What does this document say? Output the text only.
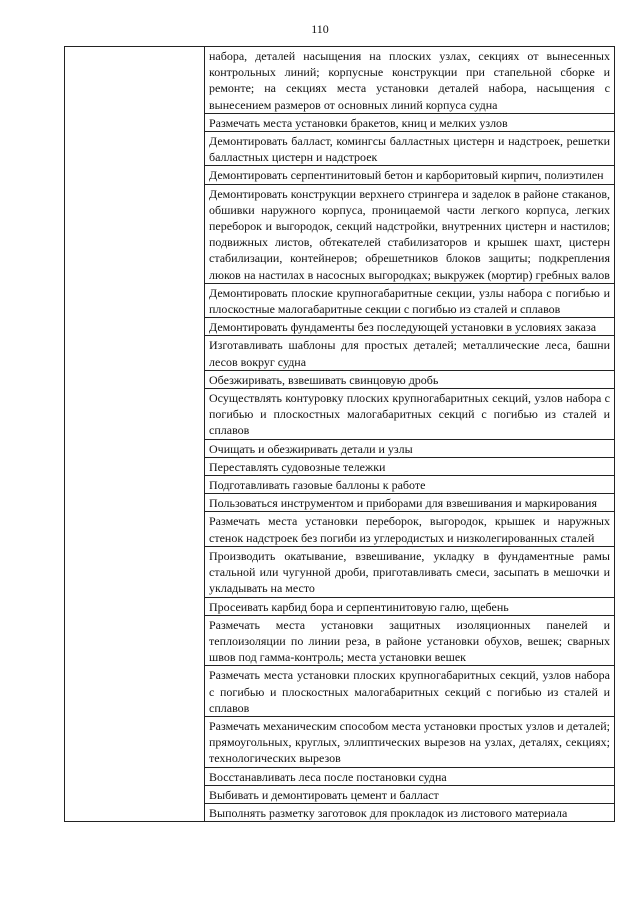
110
	набора, деталей насыщения на плоских узлах, секциях от вынесенных контрольных линий; корпусные конструкции при стапельной сборке и ремонте; на секциях места установки деталей набора, насыщения с вынесением размеров от основных линий корпуса судна
Размечать места установки бракетов, книц и мелких узлов
Демонтировать балласт, комингсы балластных цистерн и надстроек, решетки балластных цистерн и надстроек
Демонтировать серпентинитовый бетон и карборитовый кирпич, полиэтилен
Демонтировать конструкции верхнего стрингера и заделок в районе стаканов, обшивки наружного корпуса, проницаемой части легкого корпуса, легких переборок и выгородок, секций надстройки, внутренних цистерн и настилов; подвижных листов, обтекателей стабилизаторов и крышек шахт, цистерн стабилизации, контейнеров; обрешетников блоков защиты; подкрепления люков на настилах в насосных выгородках; выкружек (мортир) гребных валов
Демонтировать плоские крупногабаритные секции, узлы набора с погибью и плоскостные малогабаритные секции с погибью из сталей и сплавов
Демонтировать фундаменты без последующей установки в условиях заказа
Изготавливать шаблоны для простых деталей; металлические леса, башни лесов вокруг судна
Обезжиривать, взвешивать свинцовую дробь
Осуществлять контуровку плоских крупногабаритных секций, узлов набора с погибью и плоскостных малогабаритных секций с погибью из сталей и сплавов
Очищать и обезжиривать детали и узлы
Переставлять судовозные тележки
Подготавливать газовые баллоны к работе
Пользоваться инструментом и приборами для взвешивания и маркирования
Размечать места установки переборок, выгородок, крышек и наружных стенок надстроек без погиби из углеродистых и низколегированных сталей
Производить окатывание, взвешивание, укладку в фундаментные рамы стальной или чугунной дроби, приготавливать смеси, засыпать в мешочки и укладывать на место
Просеивать карбид бора и серпентинитовую галю, щебень
Размечать места установки защитных изоляционных панелей и теплоизоляции по линии реза, в районе установки обухов, вешек; сварных швов под гамма-контроль; места установки вешек
Размечать места установки плоских крупногабаритных секций, узлов набора с погибью и плоскостных малогабаритных секций с погибью из сталей и сплавов
Размечать механическим способом места установки простых узлов и деталей; прямоугольных, круглых, эллиптических вырезов на узлах, деталях, секциях; технологических вырезов
Восстанавливать леса после постановки судна
Выбивать и демонтировать цемент и балласт
Выполнять разметку заготовок для прокладок из листового материала
